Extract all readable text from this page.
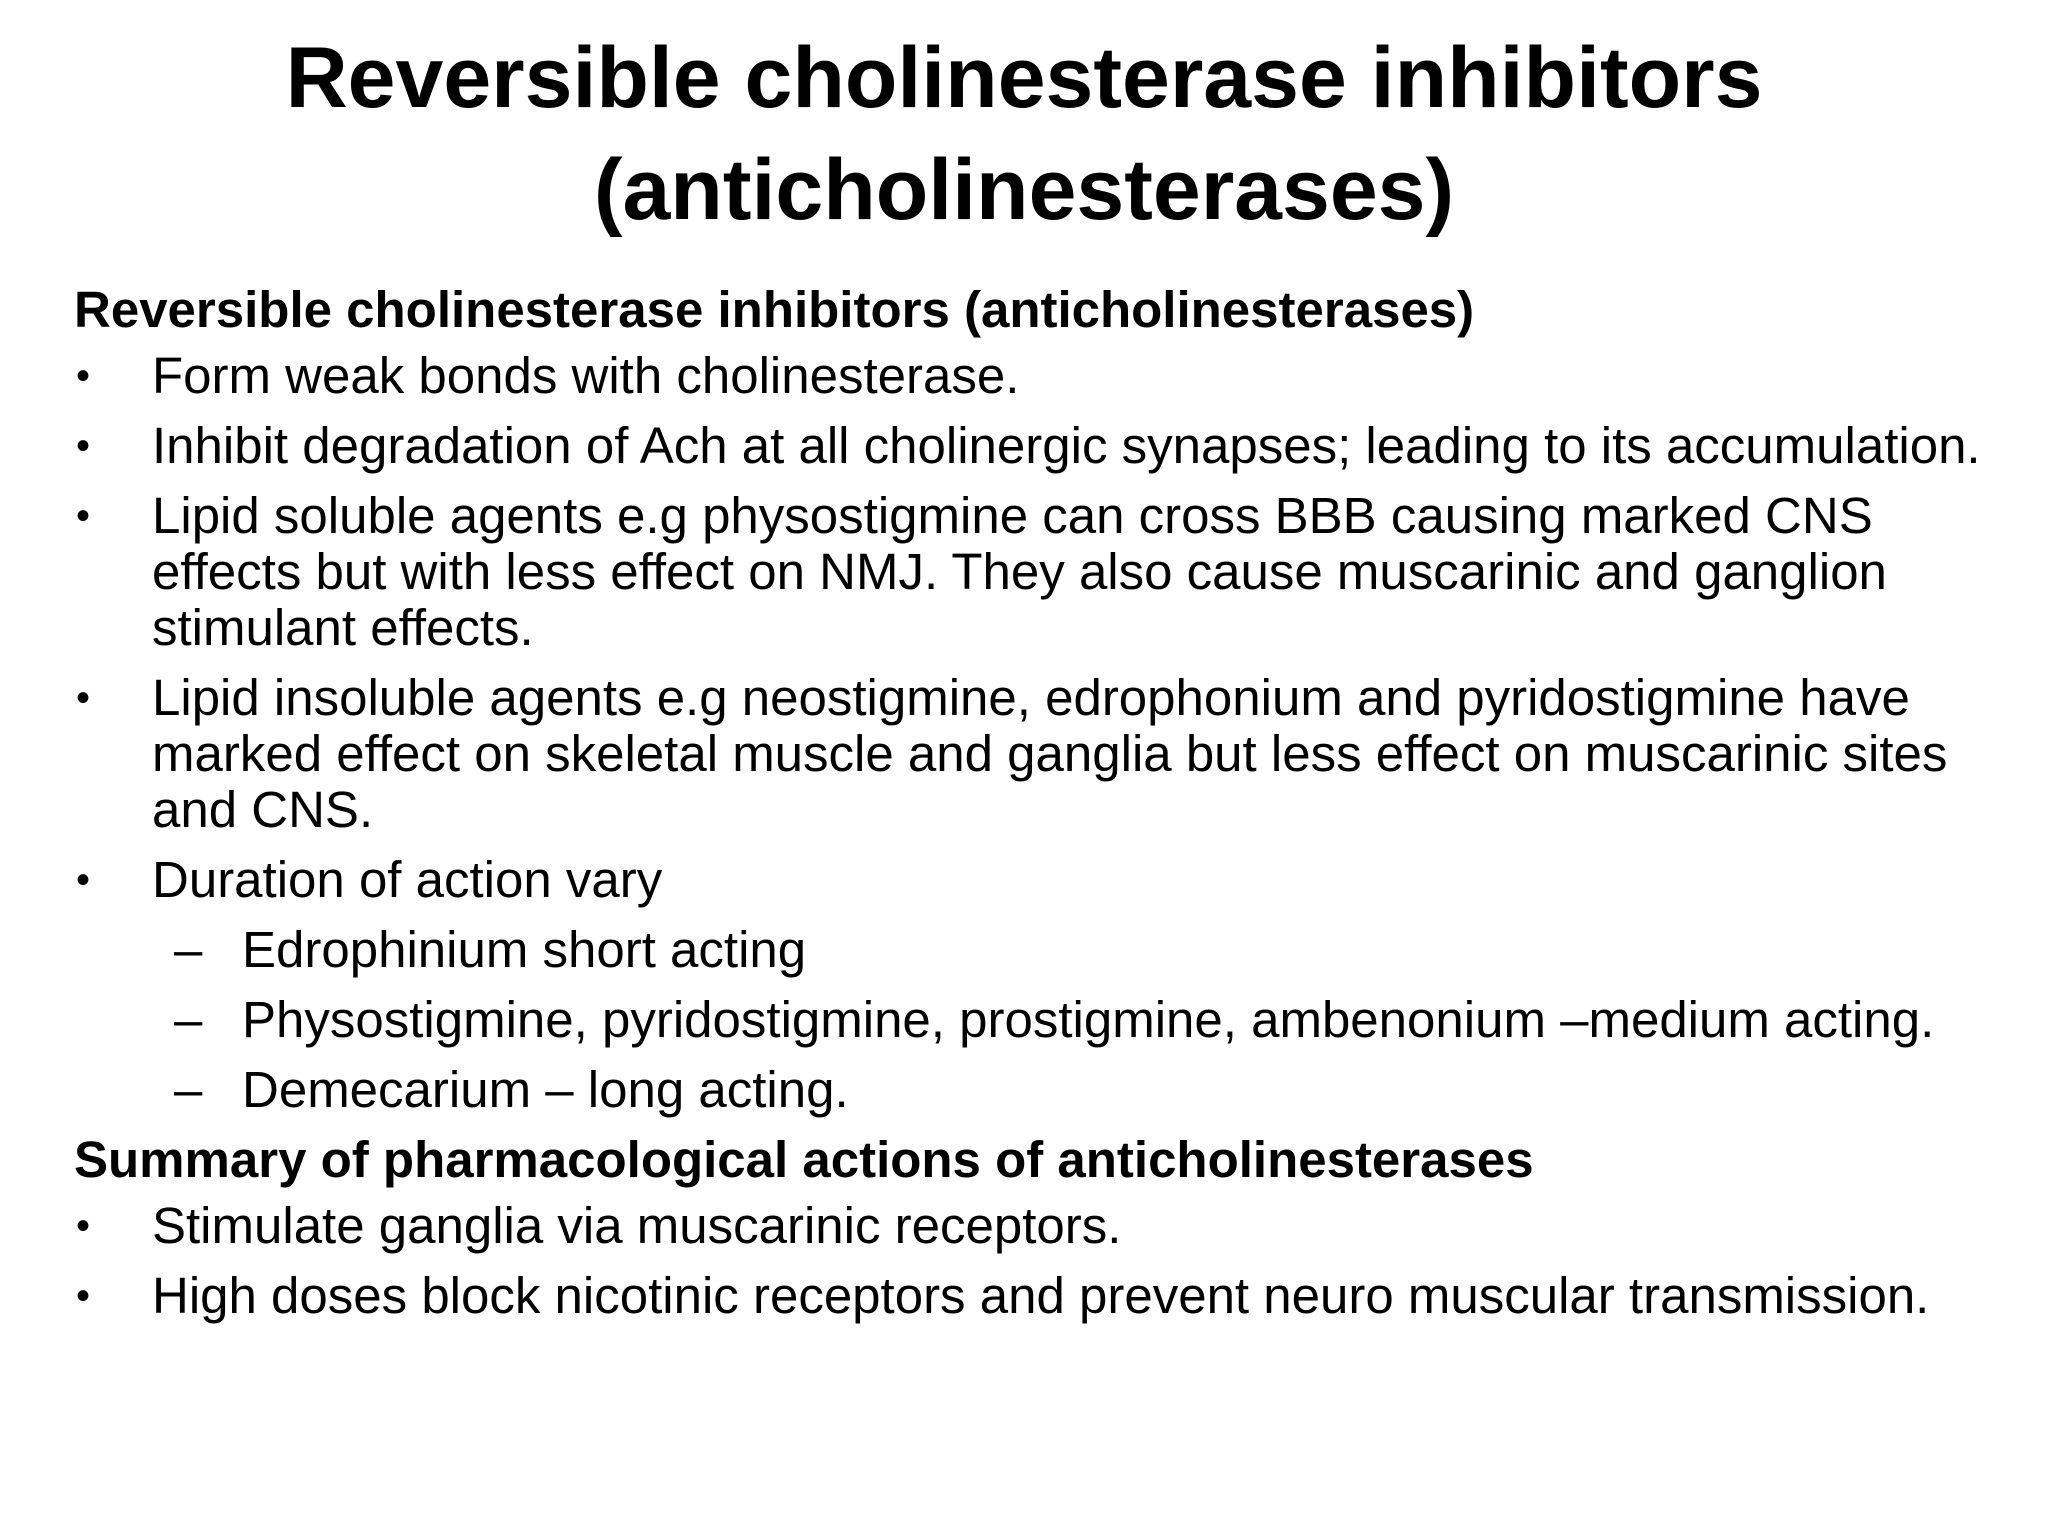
Reversible cholinesterase inhibitors
(anticholinesterases)
Reversible cholinesterase inhibitors (anticholinesterases)
• Form weak bonds with cholinesterase.
• Inhibit degradation of Ach at all cholinergic synapses; leading to its accumulation.
• Lipid soluble agents e.g physostigmine can cross BBB causing marked CNS effects but with less effect on NMJ. They also cause muscarinic and ganglion stimulant effects.
• Lipid insoluble agents e.g neostigmine, edrophonium and pyridostigmine have marked effect on skeletal muscle and ganglia but less effect on muscarinic sites and CNS.
• Duration of action vary
– Edrophinium short acting
– Physostigmine, pyridostigmine, prostigmine, ambenonium –medium acting.
– Demecarium – long acting.
Summary of pharmacological actions of anticholinesterases
• Stimulate ganglia via muscarinic receptors.
• High doses block nicotinic receptors and prevent neuro muscular transmission.
